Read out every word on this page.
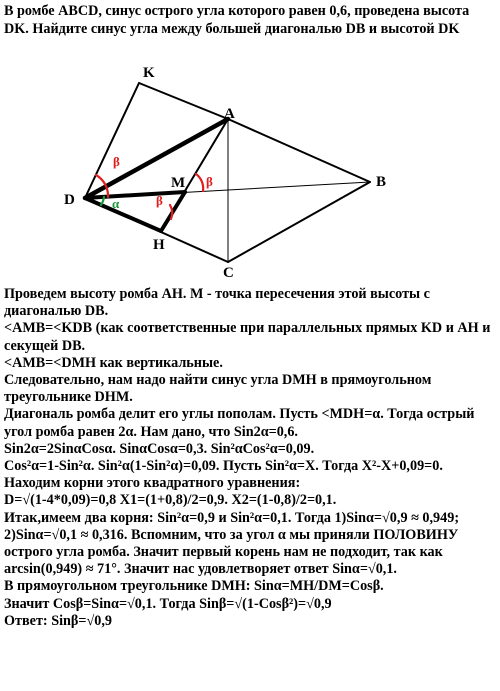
В ромбе ABCD, синус острого угла которого равен 0,6, проведена высота DK. Найдите синус угла между большей диагональю DB и высотой DK
K
A
B
C
D
M
H
β
α
β
β

Проведем высоту ромба AH. M - точка пересечения этой высоты с диагональю DB.

<AMB=<KDB (как соответственные при параллельных прямых KD и AH и секущей DB.

<AMB=<DMH как вертикальные.

Следовательно, нам надо найти синус угла DMH в прямоугольном треугольнике DHM.

Диагональ ромба делит его углы пополам. Пусть <MDH=α. Тогда острый угол ромба равен 2α. Нам дано, что Sin2α=0,6.

Sin2α=2SinαCosα. SinαCosα=0,3. Sin²αCos²α=0,09.

Cos²α=1-Sin²α. Sin²α(1-Sin²α)=0,09. Пусть Sin²α=X. Тогда X²-X+0,09=0. Находим корни этого квадратного уравнения:

D=√(1-4*0,09)=0,8 X1=(1+0,8)/2=0,9. X2=(1-0,8)/2=0,1.

Итак,имеем два корня: Sin²α=0,9 и Sin²α=0,1. Тогда 1)Sinα=√0,9 ≈ 0,949; 2)Sinα=√0,1 ≈ 0,316. Вспомним, что за угол α мы приняли ПОЛОВИНУ острого угла ромба. Значит первый корень нам не подходит, так как arcsin(0,949) ≈ 71°. Значит нас удовлетворяет ответ Sinα=√0,1.

В прямоугольном треугольнике DMH: Sinα=MH/DM=Cosβ.

Значит Cosβ=Sinα=√0,1. Тогда Sinβ=√(1-Cosβ²)=√0,9

Ответ: Sinβ=√0,9
